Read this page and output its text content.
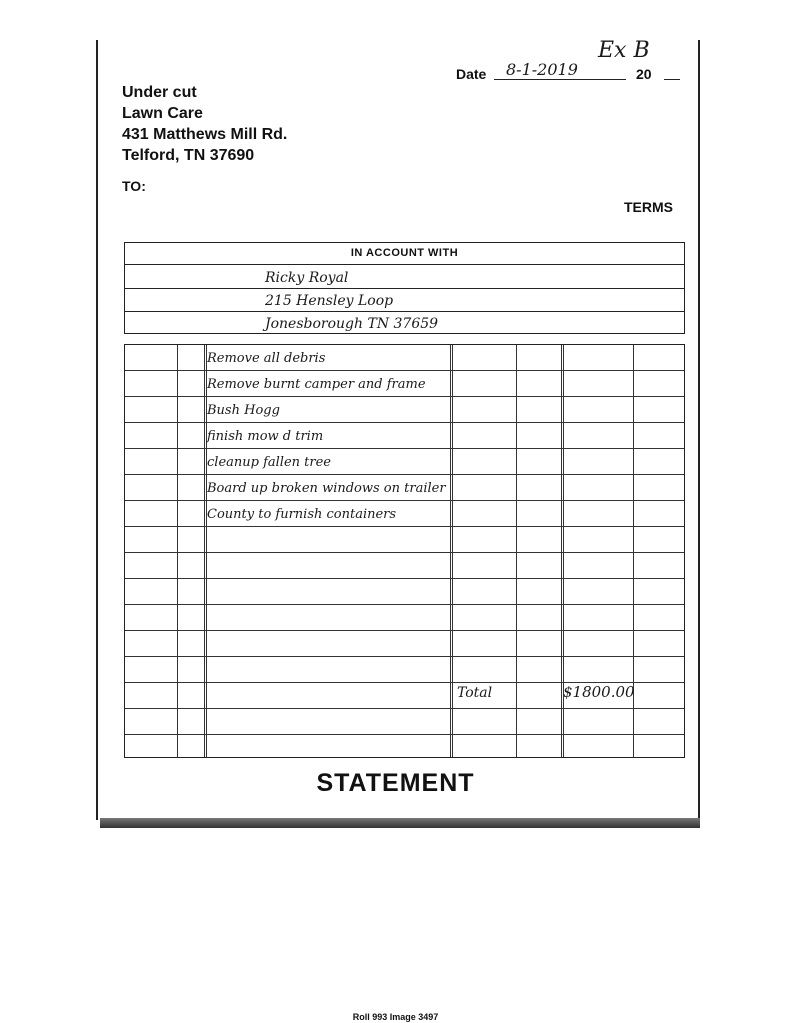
Ex B
Date 8-1-2019	20
Under cut
Lawn Care
431 Matthews Mill Rd.
Telford, TN 37690
TO:
TERMS
IN ACCOUNT WITH
Ricky Royal
215 Hensley Loop
Jonesborough TN 37659
Remove all debris
Remove burnt camper and frame
Bush Hogg
finish mow d trim
cleanup fallen tree
Board up broken windows on trailer
County to furnish containers
Total	$1800.00
STATEMENT
Roll 993 Image 3497
